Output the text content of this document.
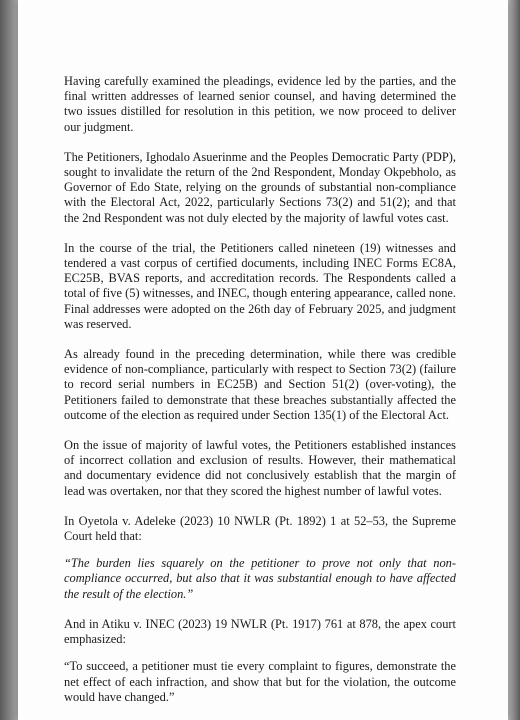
Having carefully examined the pleadings, evidence led by the parties, and the final written addresses of learned senior counsel, and having determined the two issues distilled for resolution in this petition, we now proceed to deliver our judgment.

The Petitioners, Ighodalo Asuerinme and the Peoples Democratic Party (PDP), sought to invalidate the return of the 2nd Respondent, Monday Okpebholo, as Governor of Edo State, relying on the grounds of substantial non-compliance with the Electoral Act, 2022, particularly Sections 73(2) and 51(2); and that the 2nd Respondent was not duly elected by the majority of lawful votes cast.

In the course of the trial, the Petitioners called nineteen (19) witnesses and tendered a vast corpus of certified documents, including INEC Forms EC8A, EC25B, BVAS reports, and accreditation records. The Respondents called a total of five (5) witnesses, and INEC, though entering appearance, called none. Final addresses were adopted on the 26th day of February 2025, and judgment was reserved.

As already found in the preceding determination, while there was credible evidence of non-compliance, particularly with respect to Section 73(2) (failure to record serial numbers in EC25B) and Section 51(2) (over-voting), the Petitioners failed to demonstrate that these breaches substantially affected the outcome of the election as required under Section 135(1) of the Electoral Act.

On the issue of majority of lawful votes, the Petitioners established instances of incorrect collation and exclusion of results. However, their mathematical and documentary evidence did not conclusively establish that the margin of lead was overtaken, nor that they scored the highest number of lawful votes.

In Oyetola v. Adeleke (2023) 10 NWLR (Pt. 1892) 1 at 52–53, the Supreme Court held that:

“The burden lies squarely on the petitioner to prove not only that non-compliance occurred, but also that it was substantial enough to have affected the result of the election.”

And in Atiku v. INEC (2023) 19 NWLR (Pt. 1917) 761 at 878, the apex court emphasized:

“To succeed, a petitioner must tie every complaint to figures, demonstrate the net effect of each infraction, and show that but for the violation, the outcome would have changed.”
